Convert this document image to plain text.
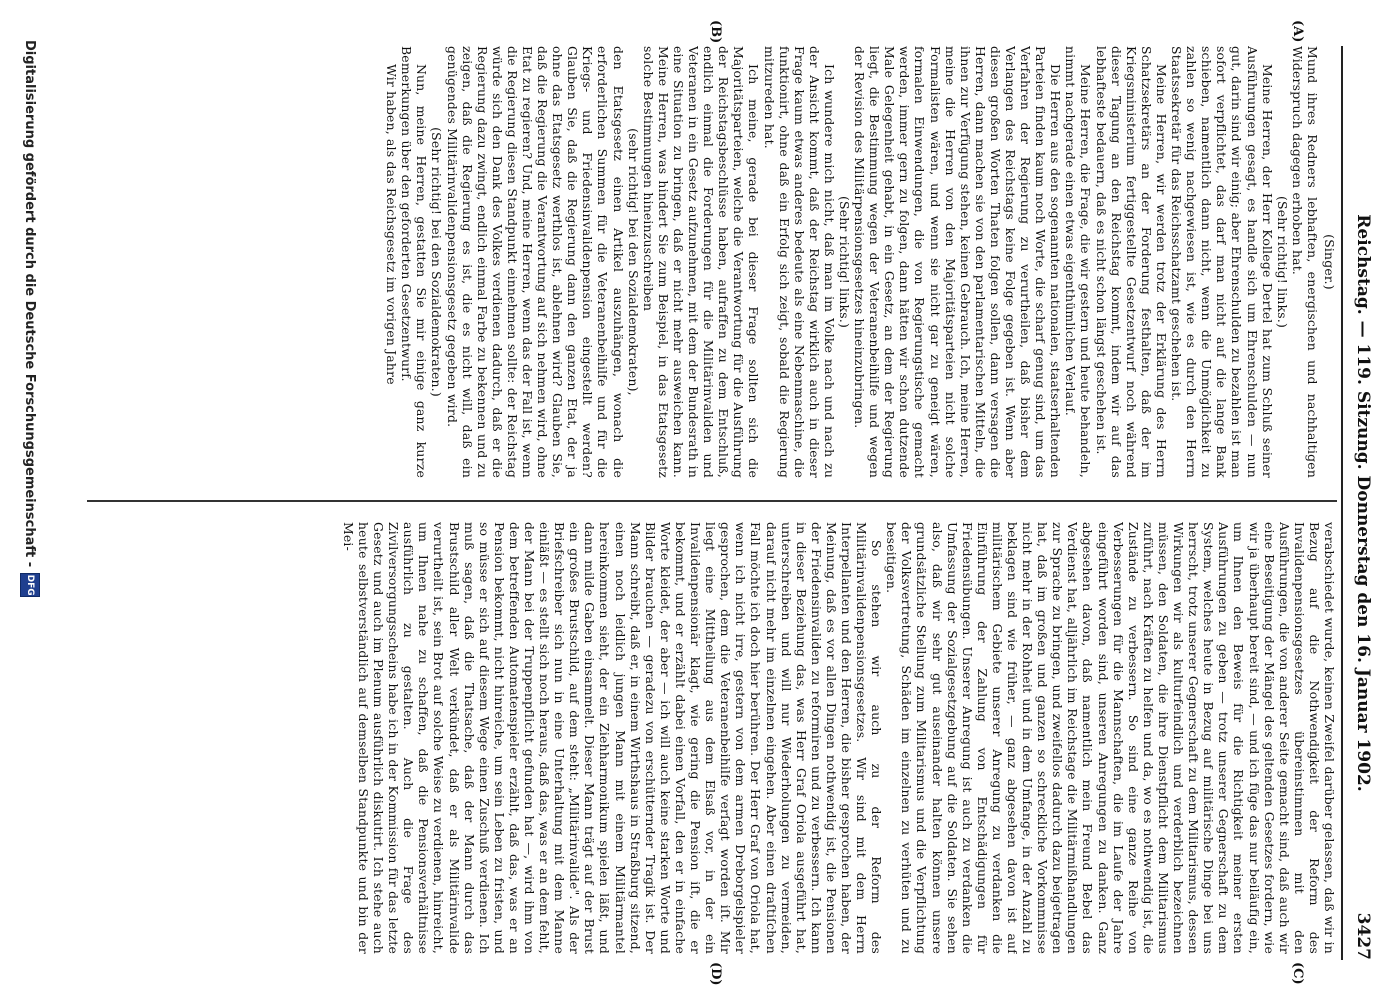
Reichstag. — 119. Sitzung. Donnerstag den 16. Januar 1902.
3427
(A)
(B)
(C)
(D)

(Singer.)

Mund ihres Redners lebhaften, energischen und nachhaltigen Widerspruch dagegen erhoben hat.

(Sehr richtig! links.)

Meine Herren, der Herr Kollege Dertel hat zum Schluß seiner Ausführungen gesagt, es handle sich um Ehrenschulden — nun gut, darin sind wir einig; aber Ehrenschulden zu bezahlen ist man sofort verpflichtet, das darf man nicht auf die lange Bank schieben, namentlich dann nicht, wenn die Unmöglichkeit zu zahlen so wenig nachgewiesen ist, wie es durch den Herrn Staatssekretär für das Reichsschatzamt geschehen ist.

Meine Herren, wir werden trotz der Erklärung des Herrn Schatzsekretärs an der Forderung festhalten, daß der im Kriegsministerium fertiggestellte Gesetzentwurf noch während dieser Tagung an den Reichstag kommt, indem wir auf das lebhafteste bedauern, daß es nicht schon längst geschehen ist.

Meine Herren, die Frage, die wir gestern und heute behandeln, nimmt nachgerade einen etwas eigenthümlichen Verlauf.

Die Herren aus den sogenannten nationalen, staatserhaltenden Parteien finden kaum noch Worte, die scharf genug sind, um das Verfahren der Regierung zu verurtheilen, daß bisher dem Verlangen des Reichstags keine Folge gegeben ist. Wenn aber diesen großen Worten Thaten folgen sollen, dann versagen die Herren, dann machen sie von den parlamentarischen Mitteln, die ihnen zur Verfügung stehen, keinen Gebrauch. Ich, meine Herren, meine die Herren von den Majoritätsparteien nicht solche Formalisten wären, und wenn sie nicht gar zu geneigt wären, formalen Einwendungen, die von Regierungstische gemacht werden, immer gern zu folgen, dann hätten wir schon dutzende Male Gelegenheit gehabt, in ein Gesetz, an dem der Regierung liegt, die Bestimmung wegen der Veteranenbeihilfe und wegen der Revision des Militärpensionsgesetzes hineinzubringen.

(Sehr richtig! links.)

Ich wundere mich nicht, daß man im Volke nach und nach zu der Ansicht kommt, daß der Reichstag wirklich auch in dieser Frage kaum etwas anderes bedeute als eine Nebenmaschine, die funktionirt, ohne daß ein Erfolg sich zeigt, sobald die Regierung mitzureden hat.

Ich meine, gerade bei dieser Frage sollten sich die Majoritätsparteien, welche die Verantwortung für die Ausführung der Reichstagsbeschlüsse haben, aufraffen zu dem Entschluß, endlich einmal die Forderungen für die Militärinvaliden und Veteranen in ein Gesetz aufzunehmen, mit dem der Bundesrath in eine Situation zu bringen, daß er nicht mehr ausweichen kann. Meine Herren, was hindert Sie zum Beispiel, in das Etatsgesetz solche Bestimmungen hineinzuschreiben

(sehr richtig! bei den Sozialdemokraten),

den Etatsgesetz einen Artikel auszuhängen, wonach die erforderlichen Summen für die Veteranenbeihilfe und für die Kriegs- und Friedensinvalidenpension eingestellt werden? Glauben Sie, daß die Regierung dann den ganzen Etat, der ja ohne das Etatsgesetz werthlos ist, ablehnen wird? Glauben Sie, daß die Regierung die Verantwortung auf sich nehmen wird, ohne Etat zu regieren? Und, meine Herren, wenn das der Fall ist, wenn die Regierung diesen Standpunkt einnehmen sollte: der Reichstag würde sich den Dank des Volkes verdienen dadurch, daß er die Regierung dazu zwingt, endlich einmal Farbe zu bekennen und zu zeigen, daß die Regierung es ist, die es nicht will, daß ein genügendes Militärinvalidenpensionsgesetz gegeben wird.

(Sehr richtig! bei den Sozialdemokraten.)

Nun, meine Herren, gestatten Sie mir einige ganz kurze Bemerkungen über den geforderten Gesetzentwurf.

Wir haben, als das Reichsgesetz im vorigen Jahre

verabschiedet wurde, keinen Zweifel darüber gelassen, daß wir in Bezug auf die Nothwendigkeit der Reform des Invalidenpensionsgesetzes übereinstimmen mit den Ausführungen, die von anderer Seite gemacht sind, daß auch wir eine Beseitigung der Mängel des geltenden Gesetzes fordern, wie wir ja überhaupt bereit sind, — und ich füge das nur beiläufig ein, um Ihnen den Beweis für die Richtigkeit meiner ersten Ausführungen zu geben — trotz unserer Gegnerschaft zu dem System, welches heute in Bezug auf militärische Dinge bei uns herrscht, trotz unserer Gegnerschaft zu dem Militarismus, dessen Wirkungen wir als kulturfeindlich und verderblich bezeichnen müssen, den Soldaten, die ihre Dienstpflicht dem Militarismus zuführt, nach Kräften zu helfen und da, wo es nothwendig ist, die Zustände zu verbessern. So sind eine ganze Reihe von Verbesserungen für die Mannschaften, die im Laufe der Jahre eingeführt worden sind, unseren Anregungen zu danken. Ganz abgesehen davon, daß namentlich mein Freund Bebel das Verdienst hat, alljährlich im Reichstage die Militärmißhandlungen zur Sprache zu bringen, und zweifellos dadurch dazu beigetragen hat, daß im großen und ganzen so schreckliche Vorkommnisse nicht mehr in der Rohheit und in dem Umfange, in der Anzahl zu beklagen sind wie früher, — ganz abgesehen davon ist auf militärischem Gebiete unserer Anregung zu verdanken die Einführung der Zahlung von Entschädigungen für Friedensübungen. Unserer Anregung ist auch zu verdanken die Umfassung der Sozialgesetzgebung auf die Soldaten. Sie sehen also, daß wir sehr gut auseinander halten können unsere grundsätzliche Stellung zum Militarismus und die Verpflichtung der Volksvertretung, Schäden im einzelnen zu verhüten und zu beseitigen.

So stehen wir auch zu der Reform des Militärinvalidenpensionsgesetzes. Wir sind mit dem Herrn Interpellanten und den Herren, die bisher gesprochen haben, der Meinung, daß es vor allen Dingen nothwendig ist, die Pensionen der Friedensinvaliden zu reformiren und zu verbessern. Ich kann in dieser Beziehung das, was Herr Graf Oriola ausgeführt hat, unterschreiben und will nur Wiederholungen zu vermeiden, darauf nicht mehr im einzelnen eingehen. Aber einen draſtiſchen Fall möchte ich doch hier berühren. Der Herr Graf von Oriola hat, wenn ich nicht irre, gestern von dem armen Dreborgelspieler gesprochen, dem die Veteranenbeihilfe verſagt worden iſt. Mir liegt eine Mittheilung aus dem Elsaß vor, in der ein Invalidenpensionär klagt, wie gering die Pension iſt, die er bekommt, und er erzählt dabei einen Vorfall, den er in einfache Worte kleidet, der aber — ich will auch keine starken Worte und Bilder brauchen — geradezu von erschütternder Tragik ist. Der Mann schreibt, daß er, in einem Wirthshaus in Straßburg sitzend, einen noch leidlich jungen Mann mit einem Militärmantel hereinkommen sieht, der ein Ziehharmonikum spielen läßt, und dann milde Gaben einsammelt. Dieser Mann trägt auf der Brust ein großes Brustschild, auf dem steht: „Militärinvalide". Als der Briefschreiber sich nun in eine Unterhaltung mit dem Manne einläßt — es stellt sich noch heraus, daß das, was er an dem fehlt, der Mann bei der Truppenpflicht gefunden hat —, wird ihm von dem betreffenden Automatenspieler erzählt, daß das, was er an Pension bekommt, nicht hinreiche, um sein Leben zu fristen, und so müsse er sich auf diesem Wege einen Zuschuß verdienen. Ich muß sagen, daß die Thatsache, daß der Mann durch das Brustschild aller Welt verkündet, daß er als Militärinvalide verurtheilt ist, sein Brot auf solche Weise zu verdienen, hinreicht, um Ihnen nahe zu schaffen, daß die Pensionsverhältnisse ausführlich zu gestalten. Auch die Frage des Zivilversorgungsscheins habe ich in der Kommission für das letzte Gesetz und auch im Plenum ausführlich diskutirt. Ich stehe auch heute selbstverständlich auf demselben Standpunkte und bin der Mei-

Digitalisierung gefördert durch die Deutsche Forschungsgemeinschaft -
DFG
